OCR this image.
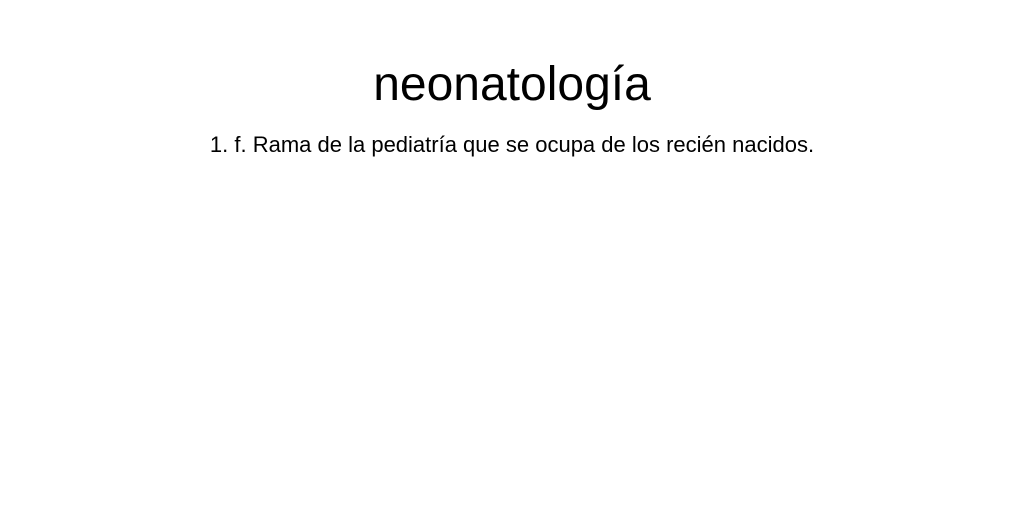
neonatología

1. f. Rama de la pediatría que se ocupa de los recién nacidos.
